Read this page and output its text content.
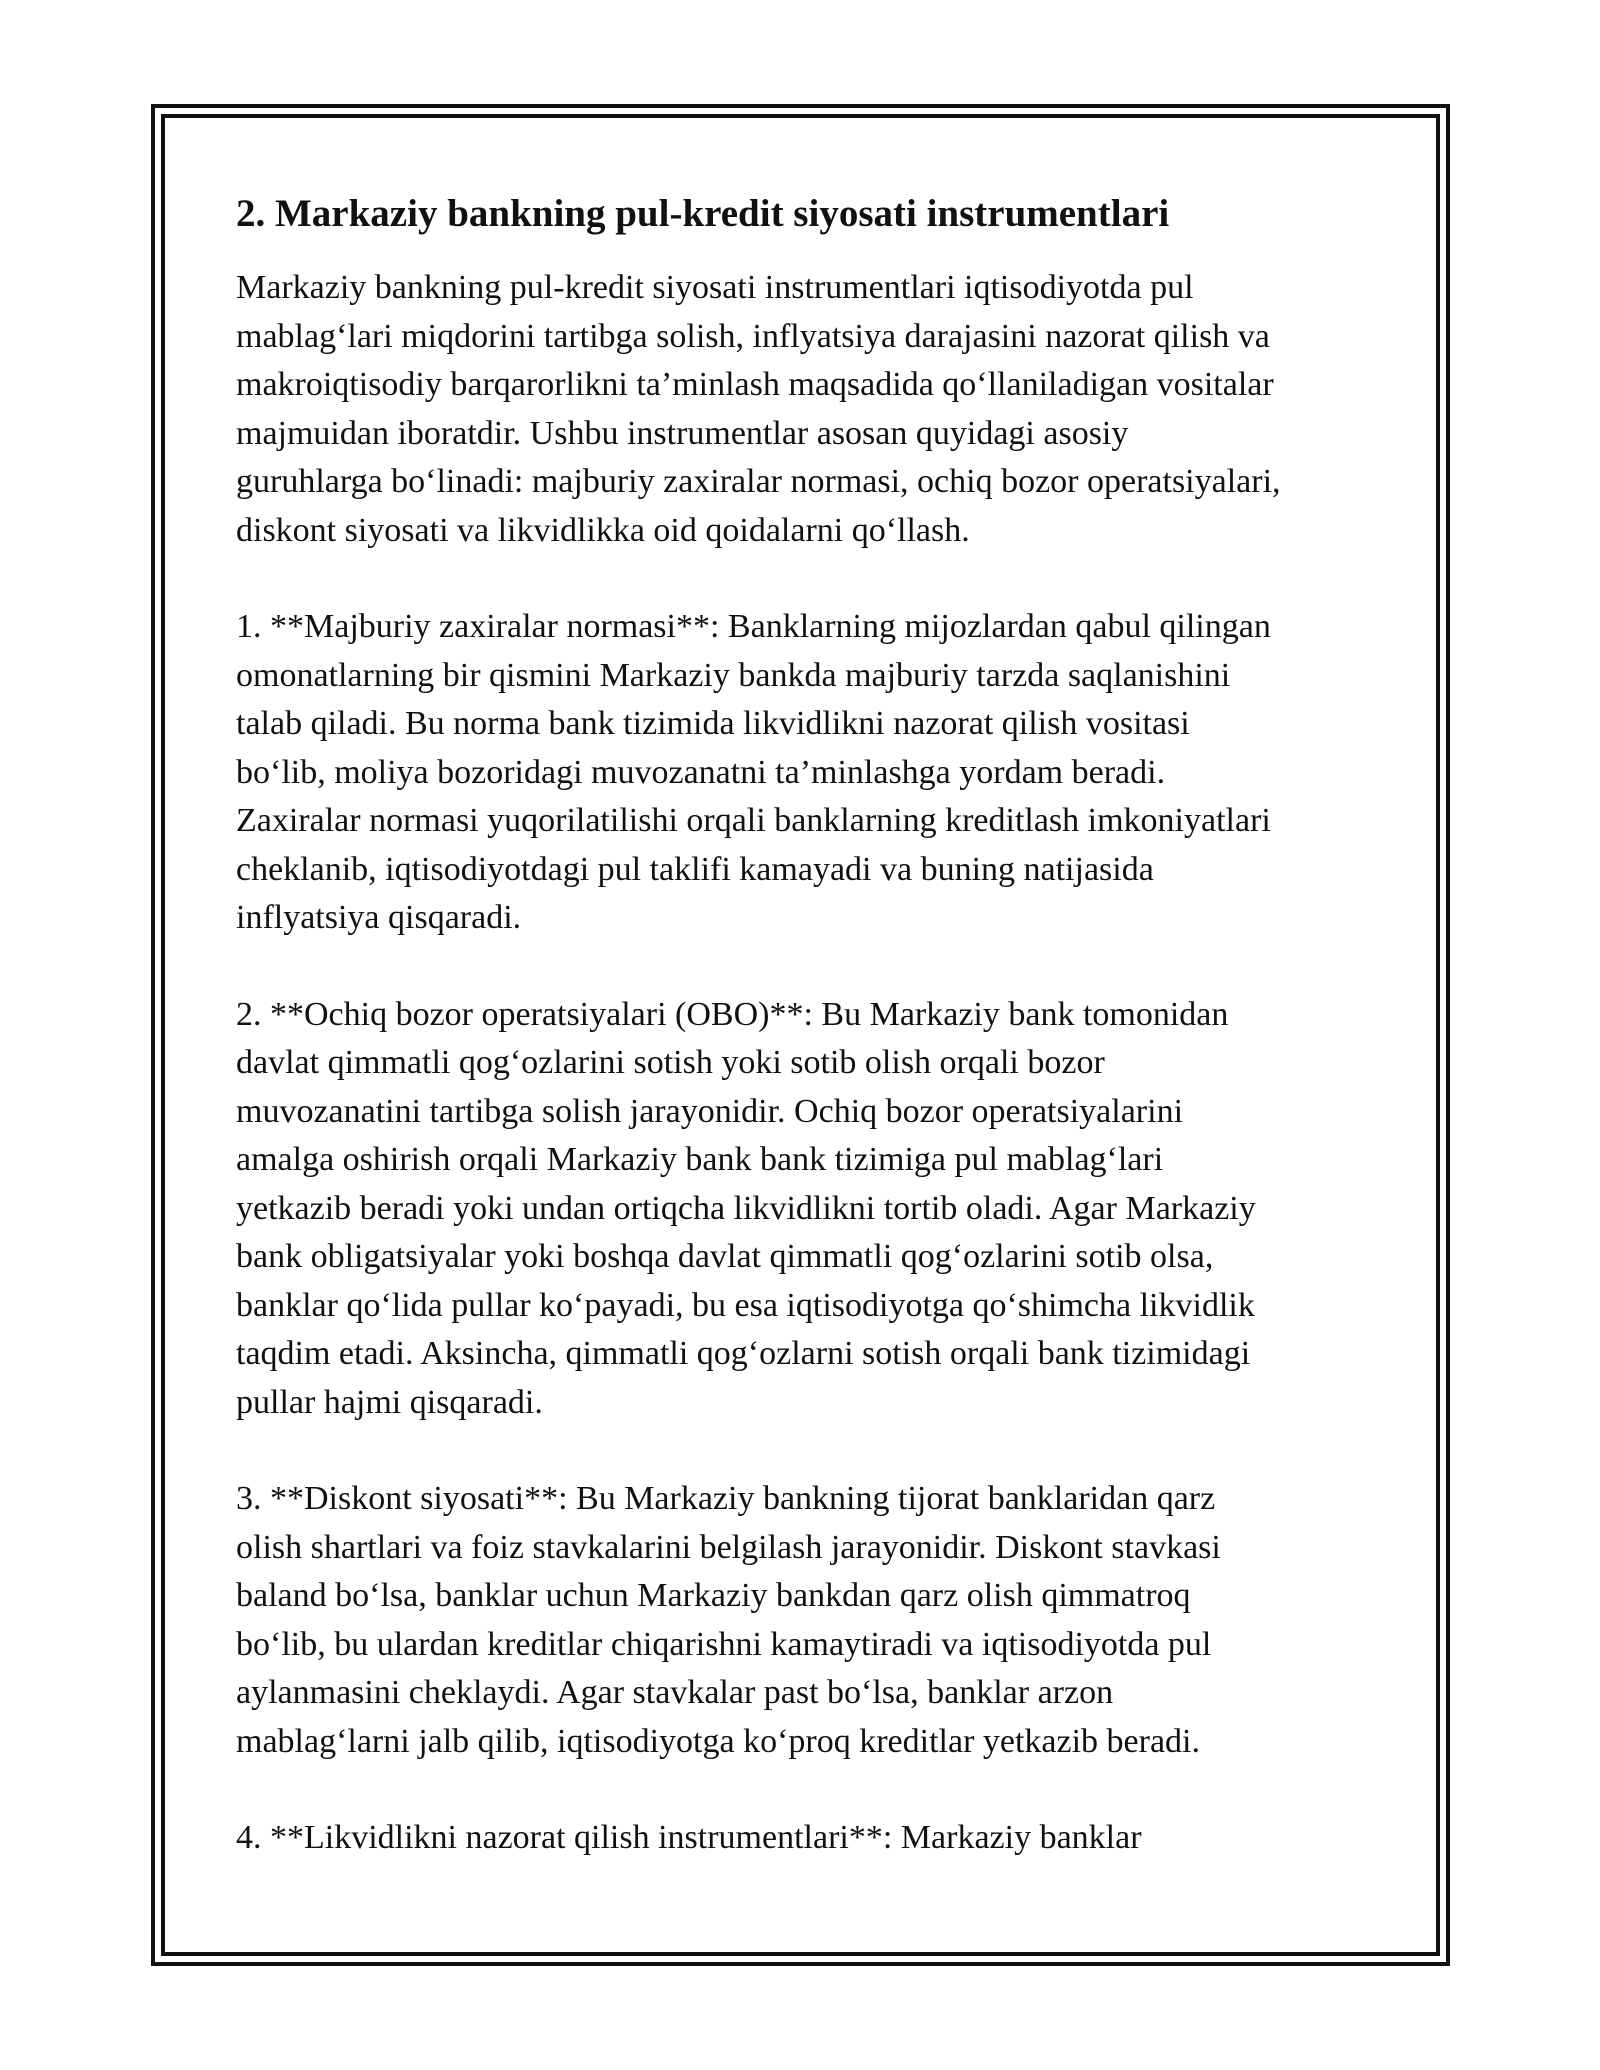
2. Markaziy bankning pul-kredit siyosati instrumentlari
Markaziy bankning pul-kredit siyosati instrumentlari iqtisodiyotda pul
mablag‘lari miqdorini tartibga solish, inflyatsiya darajasini nazorat qilish va
makroiqtisodiy barqarorlikni ta’minlash maqsadida qo‘llaniladigan vositalar
majmuidan iboratdir. Ushbu instrumentlar asosan quyidagi asosiy
guruhlarga bo‘linadi: majburiy zaxiralar normasi, ochiq bozor operatsiyalari,
diskont siyosati va likvidlikka oid qoidalarni qo‘llash.
1. **Majburiy zaxiralar normasi**: Banklarning mijozlardan qabul qilingan
omonatlarning bir qismini Markaziy bankda majburiy tarzda saqlanishini
talab qiladi. Bu norma bank tizimida likvidlikni nazorat qilish vositasi
bo‘lib, moliya bozoridagi muvozanatni ta’minlashga yordam beradi.
Zaxiralar normasi yuqorilatilishi orqali banklarning kreditlash imkoniyatlari
cheklanib, iqtisodiyotdagi pul taklifi kamayadi va buning natijasida
inflyatsiya qisqaradi.
2. **Ochiq bozor operatsiyalari (OBO)**: Bu Markaziy bank tomonidan
davlat qimmatli qog‘ozlarini sotish yoki sotib olish orqali bozor
muvozanatini tartibga solish jarayonidir. Ochiq bozor operatsiyalarini
amalga oshirish orqali Markaziy bank bank tizimiga pul mablag‘lari
yetkazib beradi yoki undan ortiqcha likvidlikni tortib oladi. Agar Markaziy
bank obligatsiyalar yoki boshqa davlat qimmatli qog‘ozlarini sotib olsa,
banklar qo‘lida pullar ko‘payadi, bu esa iqtisodiyotga qo‘shimcha likvidlik
taqdim etadi. Aksincha, qimmatli qog‘ozlarni sotish orqali bank tizimidagi
pullar hajmi qisqaradi.
3. **Diskont siyosati**: Bu Markaziy bankning tijorat banklaridan qarz
olish shartlari va foiz stavkalarini belgilash jarayonidir. Diskont stavkasi
baland bo‘lsa, banklar uchun Markaziy bankdan qarz olish qimmatroq
bo‘lib, bu ulardan kreditlar chiqarishni kamaytiradi va iqtisodiyotda pul
aylanmasini cheklaydi. Agar stavkalar past bo‘lsa, banklar arzon
mablag‘larni jalb qilib, iqtisodiyotga ko‘proq kreditlar yetkazib beradi.
4. **Likvidlikni nazorat qilish instrumentlari**: Markaziy banklar
